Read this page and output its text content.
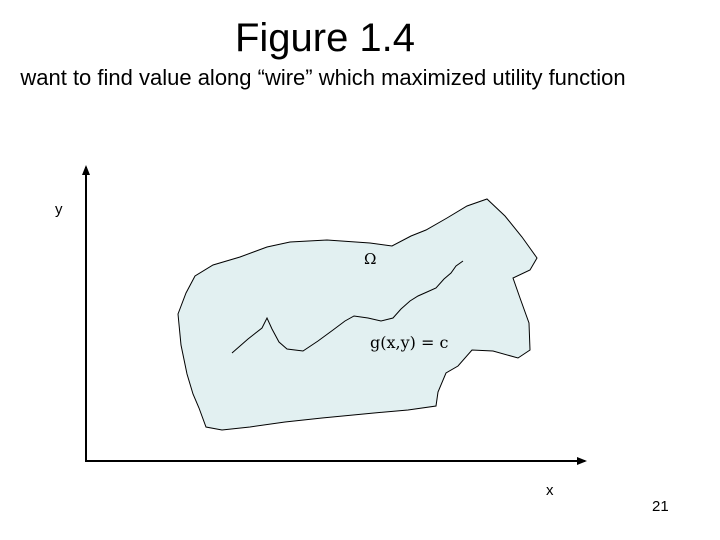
Figure 1.4
want to find value along “wire” which maximized utility function
y
x
Ω
g(x,y) = c
21
